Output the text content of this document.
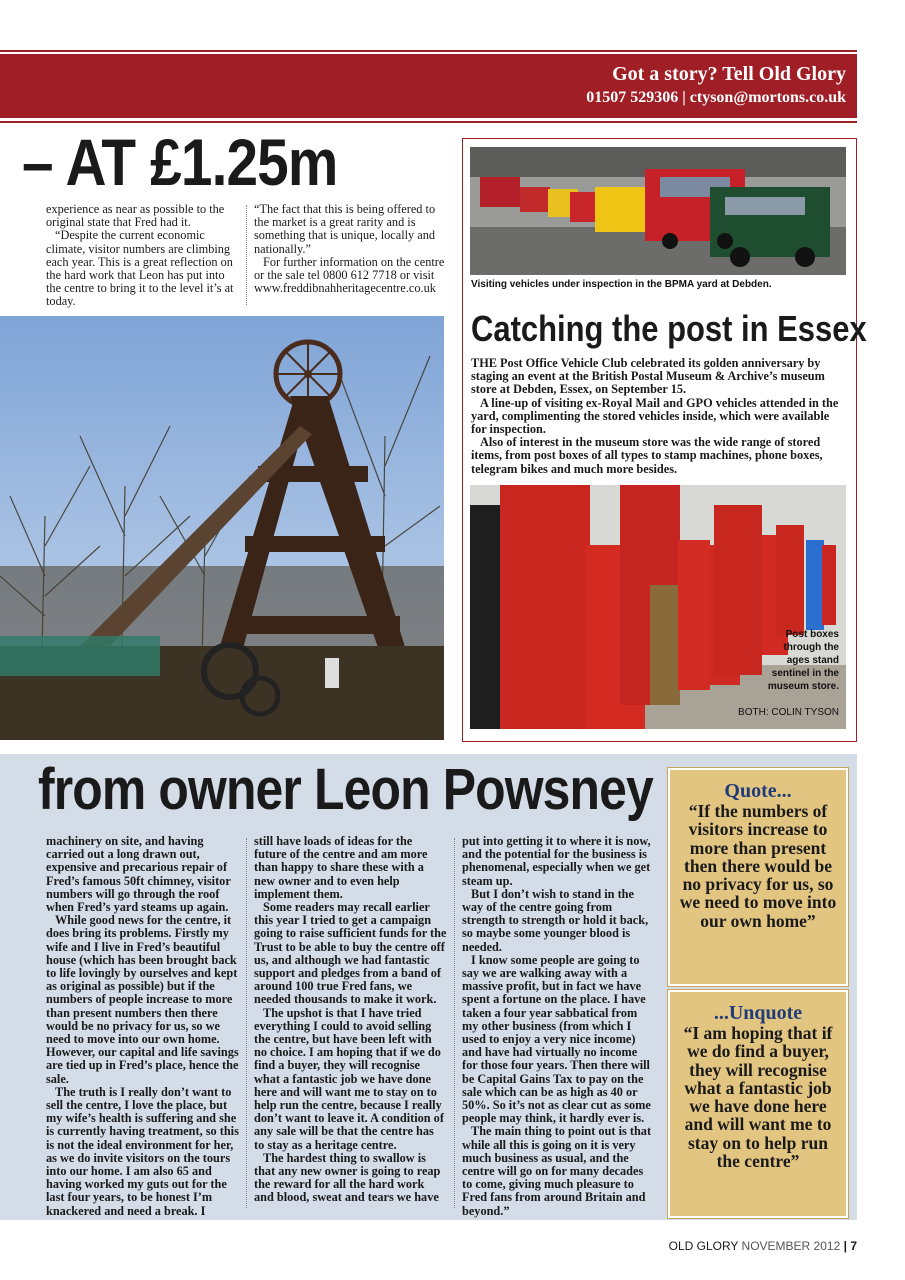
Got a story? Tell Old Glory
01507 529306 | ctyson@mortons.co.uk
– AT £1.25m

experience as near as possible to the original state that Fred had it.

“Despite the current economic climate, visitor numbers are climbing each year. This is a great reflection on the hard work that Leon has put into the centre to bring it to the level it’s at today.

“The fact that this is being offered to the market is a great rarity and is something that is unique, locally and nationally.”

For further information on the centre or the sale tel 0800 612 7718 or visit www.freddibnahheritagecentre.co.uk	Visiting vehicles under inspection in the BPMA yard at Debden.
Catching the post in Essex

THE Post Office Vehicle Club celebrated its golden anniversary by staging an event at the British Postal Museum & Archive’s museum store at Debden, Essex, on September 15.

A line-up of visiting ex-Royal Mail and GPO vehicles attended in the yard, complimenting the stored vehicles inside, which were available for inspection.

Also of interest in the museum store was the wide range of stored items, from post boxes of all types to stamp machines, phone boxes, telegram bikes and much more besides.

Post boxes through the ages stand sentinel in the museum store.
BOTH: COLIN TYSON
from owner Leon Powsney

machinery on site, and having carried out a long drawn out, expensive and precarious repair of Fred’s famous 50ft chimney, visitor numbers will go through the roof when Fred’s yard steams up again.

While good news for the centre, it does bring its problems. Firstly my wife and I live in Fred’s beautiful house (which has been brought back to life lovingly by ourselves and kept as original as possible) but if the numbers of people increase to more than present numbers then there would be no privacy for us, so we need to move into our own home. However, our capital and life savings are tied up in Fred’s place, hence the sale.

The truth is I really don’t want to sell the centre, I love the place, but my wife’s health is suffering and she is currently having treatment, so this is not the ideal environment for her, as we do invite visitors on the tours into our home. I am also 65 and having worked my guts out for the last four years, to be honest I’m knackered and need a break. I

still have loads of ideas for the future of the centre and am more than happy to share these with a new owner and to even help implement them.

Some readers may recall earlier this year I tried to get a campaign going to raise sufficient funds for the Trust to be able to buy the centre off us, and although we had fantastic support and pledges from a band of around 100 true Fred fans, we needed thousands to make it work.

The upshot is that I have tried everything I could to avoid selling the centre, but have been left with no choice. I am hoping that if we do find a buyer, they will recognise what a fantastic job we have done here and will want me to stay on to help run the centre, because I really don’t want to leave it. A condition of any sale will be that the centre has to stay as a heritage centre.

The hardest thing to swallow is that any new owner is going to reap the reward for all the hard work and blood, sweat and tears we have

put into getting it to where it is now, and the potential for the business is phenomenal, especially when we get steam up.

But I don’t wish to stand in the way of the centre going from strength to strength or hold it back, so maybe some younger blood is needed.

I know some people are going to say we are walking away with a massive profit, but in fact we have spent a fortune on the place. I have taken a four year sabbatical from my other business (from which I used to enjoy a very nice income) and have had virtually no income for those four years. Then there will be Capital Gains Tax to pay on the sale which can be as high as 40 or 50%. So it’s not as clear cut as some people may think, it hardly ever is.

The main thing to point out is that while all this is going on it is very much business as usual, and the centre will go on for many decades to come, giving much pleasure to Fred fans from around Britain and beyond.”

Quote...
“If the numbers of visitors increase to more than present then there would be no privacy for us, so we need to move into our own home”
...Unquote
“I am hoping that if we do find a buyer, they will recognise what a fantastic job we have done here and will want me to stay on to help run the centre”
OLD GLORY NOVEMBER 2012 | 7
